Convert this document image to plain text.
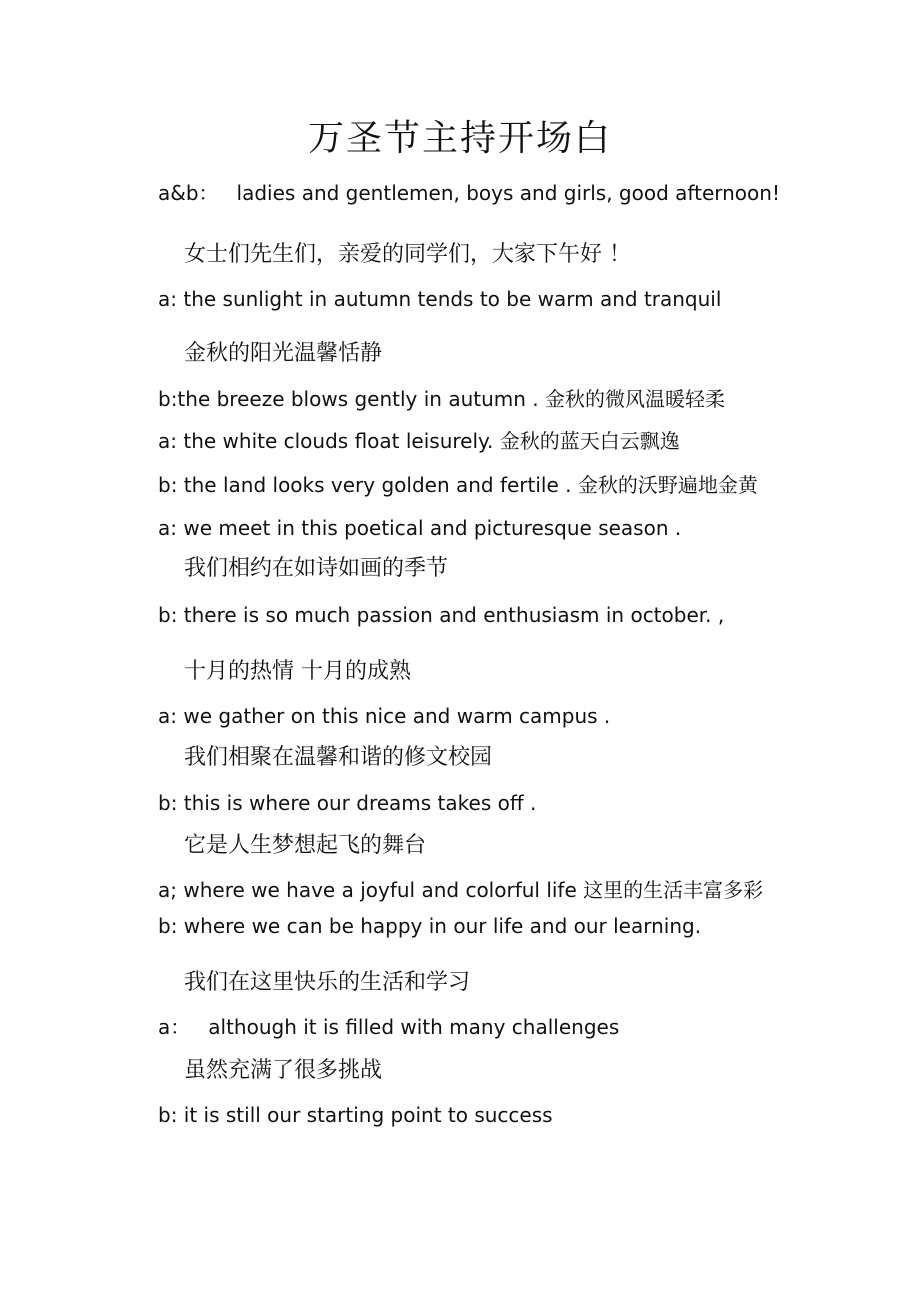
万圣节主持开场白
a&b： ladies and gentlemen, boys and girls, good afternoon!
女士们先生们，亲爱的同学们，大家下午好 ！
a: the sunlight in autumn tends to be warm and tranquil
金秋的阳光温馨恬静
b:the breeze blows gently in autumn . 金秋的微风温暖轻柔
a: the white clouds float leisurely. 金秋的蓝天白云飘逸
b: the land looks very golden and fertile . 金秋的沃野遍地金黄
a: we meet in this poetical and picturesque season .
我们相约在如诗如画的季节
b: there is so much passion and enthusiasm in october. ,
十月的热情 十月的成熟
a: we gather on this nice and warm campus .
我们相聚在温馨和谐的修文校园
b: this is where our dreams takes off .
它是人生梦想起飞的舞台
a; where we have a joyful and colorful life 这里的生活丰富多彩
b: where we can be happy in our life and our learning.
我们在这里快乐的生活和学习
a： although it is filled with many challenges
虽然充满了很多挑战
b: it is still our starting point to success
